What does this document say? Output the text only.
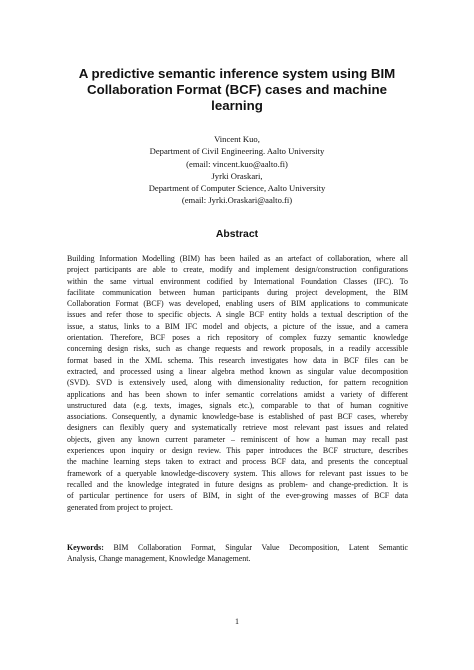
A predictive semantic inference system using BIM
Collaboration Format (BCF) cases and machine
learning
Vincent Kuo,
Department of Civil Engineering. Aalto University
(email: vincent.kuo@aalto.fi)
Jyrki Oraskari,
Department of Computer Science, Aalto University
(email: Jyrki.Oraskari@aalto.fi)
Abstract
Building Information Modelling (BIM) has been hailed as an artefact of collaboration, where all
project participants are able to create, modify and implement design/construction configurations
within the same virtual environment codified by International Foundation Classes (IFC). To
facilitate communication between human participants during project development, the BIM
Collaboration Format (BCF) was developed, enabling users of BIM applications to communicate
issues and refer those to specific objects. A single BCF entity holds a textual description of the
issue, a status, links to a BIM IFC model and objects, a picture of the issue, and a camera
orientation. Therefore, BCF poses a rich repository of complex fuzzy semantic knowledge
concerning design risks, such as change requests and rework proposals, in a readily accessible
format based in the XML schema. This research investigates how data in BCF files can be
extracted, and processed using a linear algebra method known as singular value decomposition
(SVD). SVD is extensively used, along with dimensionality reduction, for pattern recognition
applications and has been shown to infer semantic correlations amidst a variety of different
unstructured data (e.g. texts, images, signals etc.), comparable to that of human cognitive
associations. Consequently, a dynamic knowledge-base is established of past BCF cases, whereby
designers can flexibly query and systematically retrieve most relevant past issues and related
objects, given any known current parameter – reminiscent of how a human may recall past
experiences upon inquiry or design review. This paper introduces the BCF structure, describes
the machine learning steps taken to extract and process BCF data, and presents the conceptual
framework of a queryable knowledge-discovery system. This allows for relevant past issues to be
recalled and the knowledge integrated in future designs as problem- and change-prediction. It is
of particular pertinence for users of BIM, in sight of the ever-growing masses of BCF data
generated from project to project.
Keywords: BIM Collaboration Format, Singular Value Decomposition, Latent Semantic
Analysis, Change management, Knowledge Management.
1
